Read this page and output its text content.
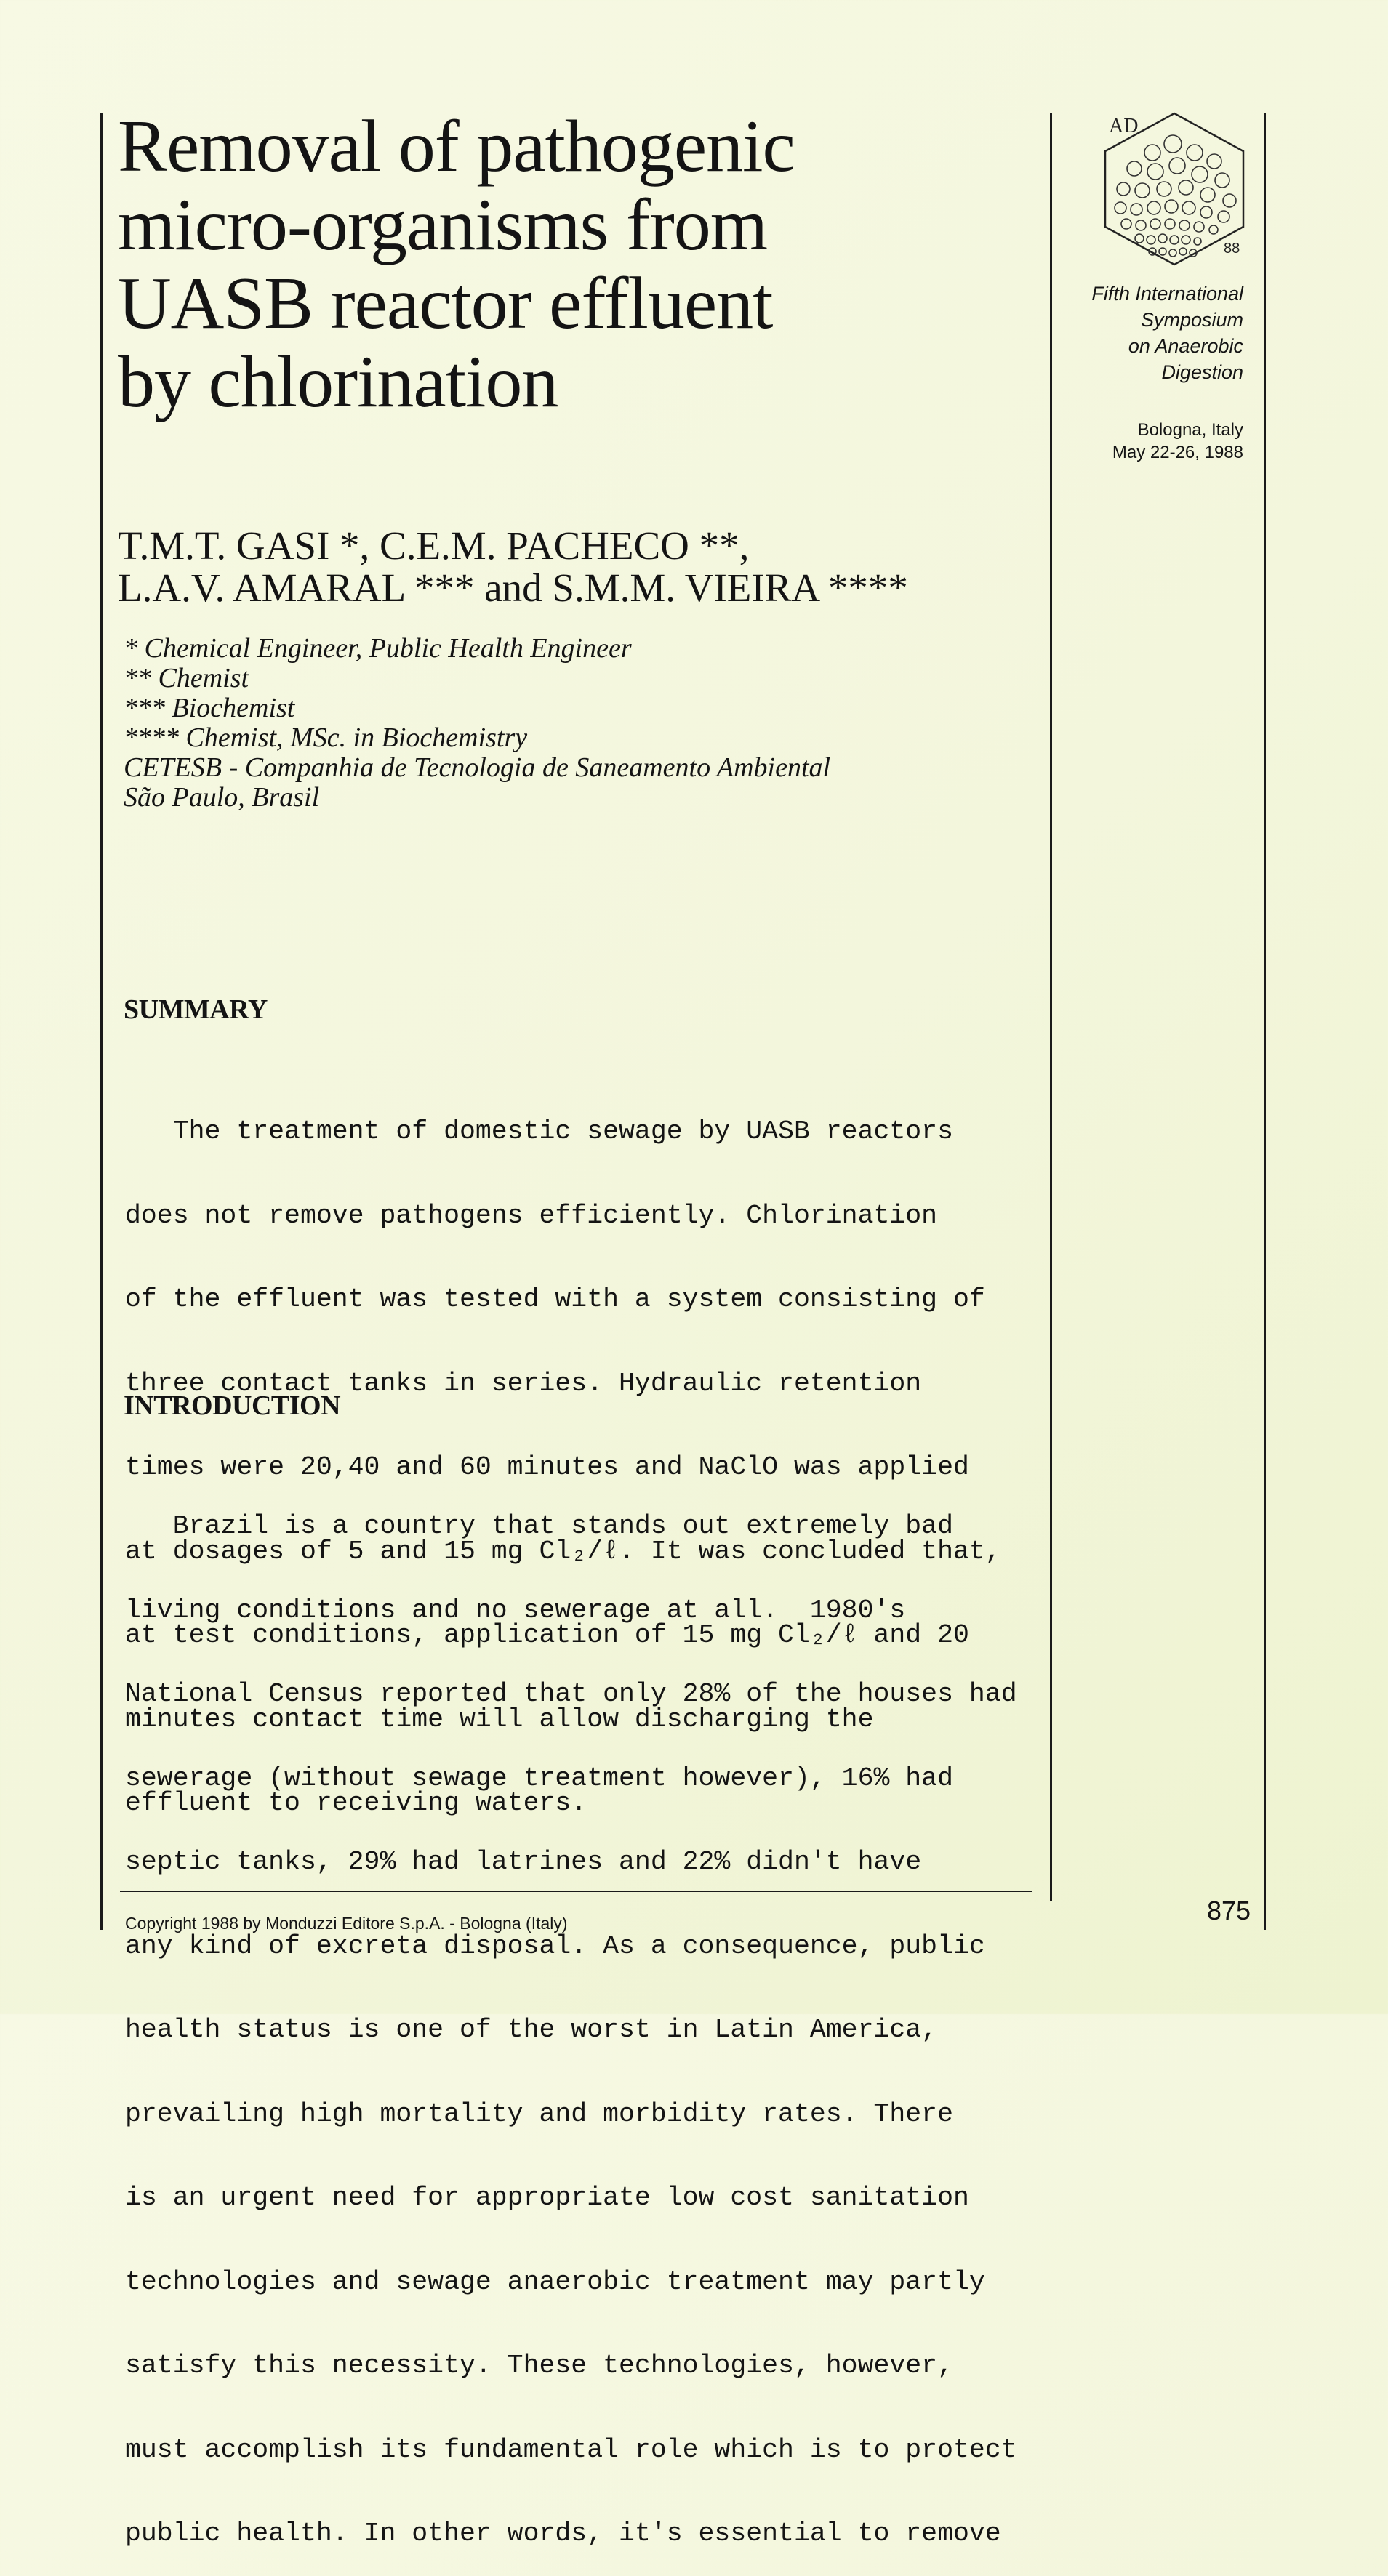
Removal of pathogenic
micro-organisms from
UASB reactor effluent
by chlorination
AD
88
Fifth International
Symposium
on Anaerobic
Digestion
Bologna, Italy
May 22-26, 1988
T.M.T. GASI *, C.E.M. PACHECO **,
L.A.V. AMARAL *** and S.M.M. VIEIRA ****
* Chemical Engineer, Public Health Engineer
** Chemist
*** Biochemist
**** Chemist, MSc. in Biochemistry
CETESB - Companhia de Tecnologia de Saneamento Ambiental
São Paulo, Brasil
SUMMARY

The treatment of domestic sewage by UASB reactors

does not remove pathogens efficiently. Chlorination

of the effluent was tested with a system consisting of

three contact tanks in series. Hydraulic retention

times were 20,40 and 60 minutes and NaClO was applied

at dosages of 5 and 15 mg Cl₂/ℓ. It was concluded that,

at test conditions, application of 15 mg Cl₂/ℓ and 20

minutes contact time will allow discharging the

effluent to receiving waters.

INTRODUCTION

Brazil is a country that stands out extremely bad

living conditions and no sewerage at all.  1980's

National Census reported that only 28% of the houses had

sewerage (without sewage treatment however), 16% had

septic tanks, 29% had latrines and 22% didn't have

any kind of excreta disposal. As a consequence, public

health status is one of the worst in Latin America,

prevailing high mortality and morbidity rates. There

is an urgent need for appropriate low cost sanitation

technologies and sewage anaerobic treatment may partly

satisfy this necessity. These technologies, however,

must accomplish its fundamental role which is to protect

public health. In other words, it's essential to remove

Copyright 1988 by Monduzzi Editore S.p.A. - Bologna (Italy)	875
